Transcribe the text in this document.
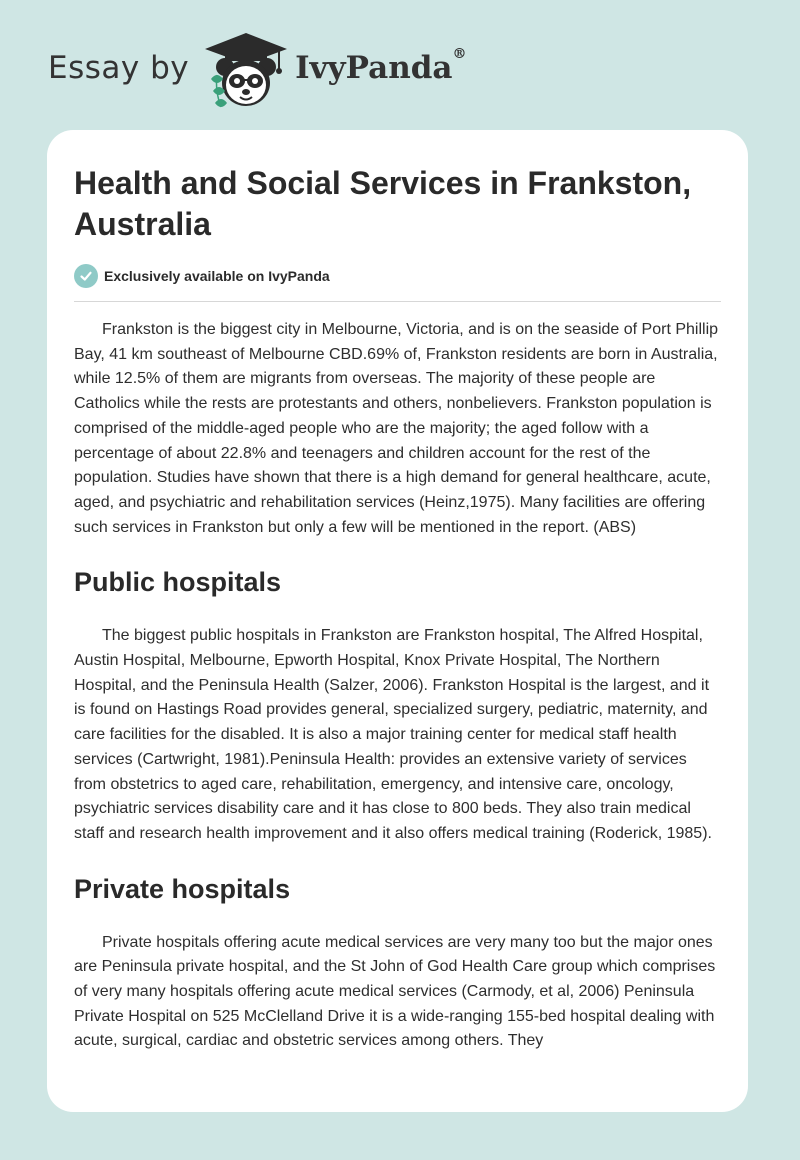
Essay by	IvyPanda®
Health and Social Services in Frankston, Australia
Exclusively available on IvyPanda

Frankston is the biggest city in Melbourne, Victoria, and is on the seaside of Port Phillip Bay, 41 km southeast of Melbourne CBD.69% of, Frankston residents are born in Australia, while 12.5% of them are migrants from overseas. The majority of these people are Catholics while the rests are protestants and others, nonbelievers. Frankston population is comprised of the middle-aged people who are the majority; the aged follow with a percentage of about 22.8% and teenagers and children account for the rest of the population. Studies have shown that there is a high demand for general healthcare, acute, aged, and psychiatric and rehabilitation services (Heinz,1975). Many facilities are offering such services in Frankston but only a few will be mentioned in the report. (ABS)

Public hospitals

The biggest public hospitals in Frankston are Frankston hospital, The Alfred Hospital, Austin Hospital, Melbourne, Epworth Hospital, Knox Private Hospital, The Northern Hospital, and the Peninsula Health (Salzer, 2006). Frankston Hospital is the largest, and it is found on Hastings Road provides general, specialized surgery, pediatric, maternity, and care facilities for the disabled. It is also a major training center for medical staff health services (Cartwright, 1981).Peninsula Health: provides an extensive variety of services from obstetrics to aged care, rehabilitation, emergency, and intensive care, oncology, psychiatric services disability care and it has close to 800 beds. They also train medical staff and research health improvement and it also offers medical training (Roderick, 1985).

Private hospitals

Private hospitals offering acute medical services are very many too but the major ones are Peninsula private hospital, and the St John of God Health Care group which comprises of very many hospitals offering acute medical services (Carmody, et al, 2006) Peninsula Private Hospital on 525 McClelland Drive it is a wide-ranging 155-bed hospital dealing with acute, surgical, cardiac and obstetric services among others. They
